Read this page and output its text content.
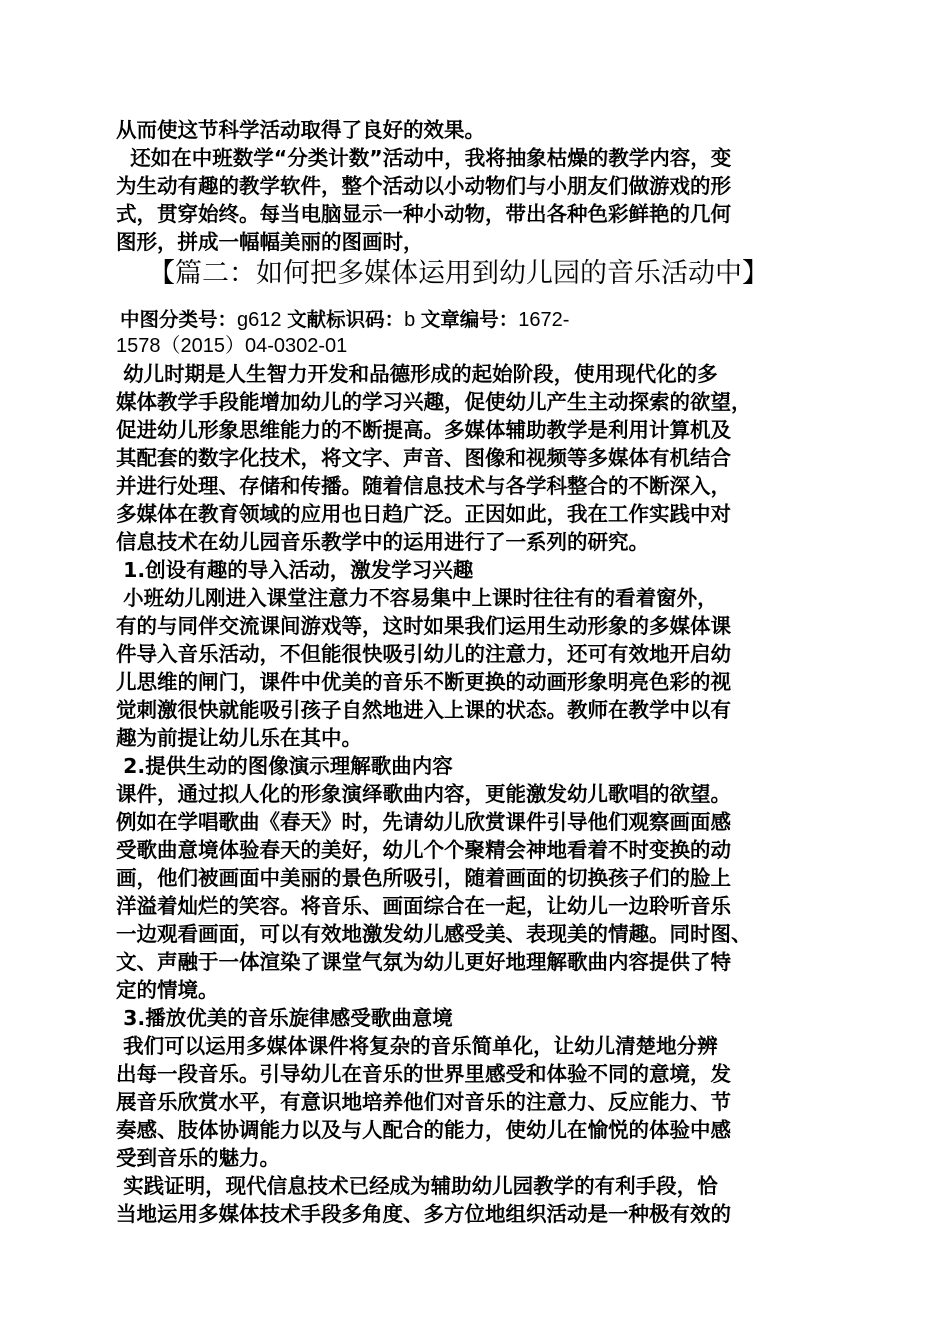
从而使这节科学活动取得了良好的效果。
还如在中班数学“分类计数”活动中，我将抽象枯燥的教学内容，变
为生动有趣的教学软件，整个活动以小动物们与小朋友们做游戏的形
式，贯穿始终。每当电脑显示一种小动物，带出各种色彩鲜艳的几何
图形，拼成一幅幅美丽的图画时，
【篇二：如何把多媒体运用到幼儿园的音乐活动中】
中图分类号：g612 文献标识码：b 文章编号：1672-
1578（2015）04-0302-01
幼儿时期是人生智力开发和品德形成的起始阶段，使用现代化的多
媒体教学手段能增加幼儿的学习兴趣，促使幼儿产生主动探索的欲望，
促进幼儿形象思维能力的不断提高。多媒体辅助教学是利用计算机及
其配套的数字化技术，将文字、声音、图像和视频等多媒体有机结合
并进行处理、存储和传播。随着信息技术与各学科整合的不断深入，
多媒体在教育领域的应用也日趋广泛。正因如此，我在工作实践中对
信息技术在幼儿园音乐教学中的运用进行了一系列的研究。
1.创设有趣的导入活动，激发学习兴趣
小班幼儿刚进入课堂注意力不容易集中上课时往往有的看着窗外，
有的与同伴交流课间游戏等，这时如果我们运用生动形象的多媒体课
件导入音乐活动，不但能很快吸引幼儿的注意力，还可有效地开启幼
儿思维的闸门，课件中优美的音乐不断更换的动画形象明亮色彩的视
觉刺激很快就能吸引孩子自然地进入上课的状态。教师在教学中以有
趣为前提让幼儿乐在其中。
2.提供生动的图像演示理解歌曲内容
课件，通过拟人化的形象演绎歌曲内容，更能激发幼儿歌唱的欲望。
例如在学唱歌曲《春天》时，先请幼儿欣赏课件引导他们观察画面感
受歌曲意境体验春天的美好，幼儿个个聚精会神地看着不时变换的动
画，他们被画面中美丽的景色所吸引，随着画面的切换孩子们的脸上
洋溢着灿烂的笑容。将音乐、画面综合在一起，让幼儿一边聆听音乐
一边观看画面，可以有效地激发幼儿感受美、表现美的情趣。同时图、
文、声融于一体渲染了课堂气氛为幼儿更好地理解歌曲内容提供了特
定的情境。
3.播放优美的音乐旋律感受歌曲意境
我们可以运用多媒体课件将复杂的音乐简单化，让幼儿清楚地分辨
出每一段音乐。引导幼儿在音乐的世界里感受和体验不同的意境，发
展音乐欣赏水平，有意识地培养他们对音乐的注意力、反应能力、节
奏感、肢体协调能力以及与人配合的能力，使幼儿在愉悦的体验中感
受到音乐的魅力。
实践证明，现代信息技术已经成为辅助幼儿园教学的有利手段，恰
当地运用多媒体技术手段多角度、多方位地组织活动是一种极有效的
